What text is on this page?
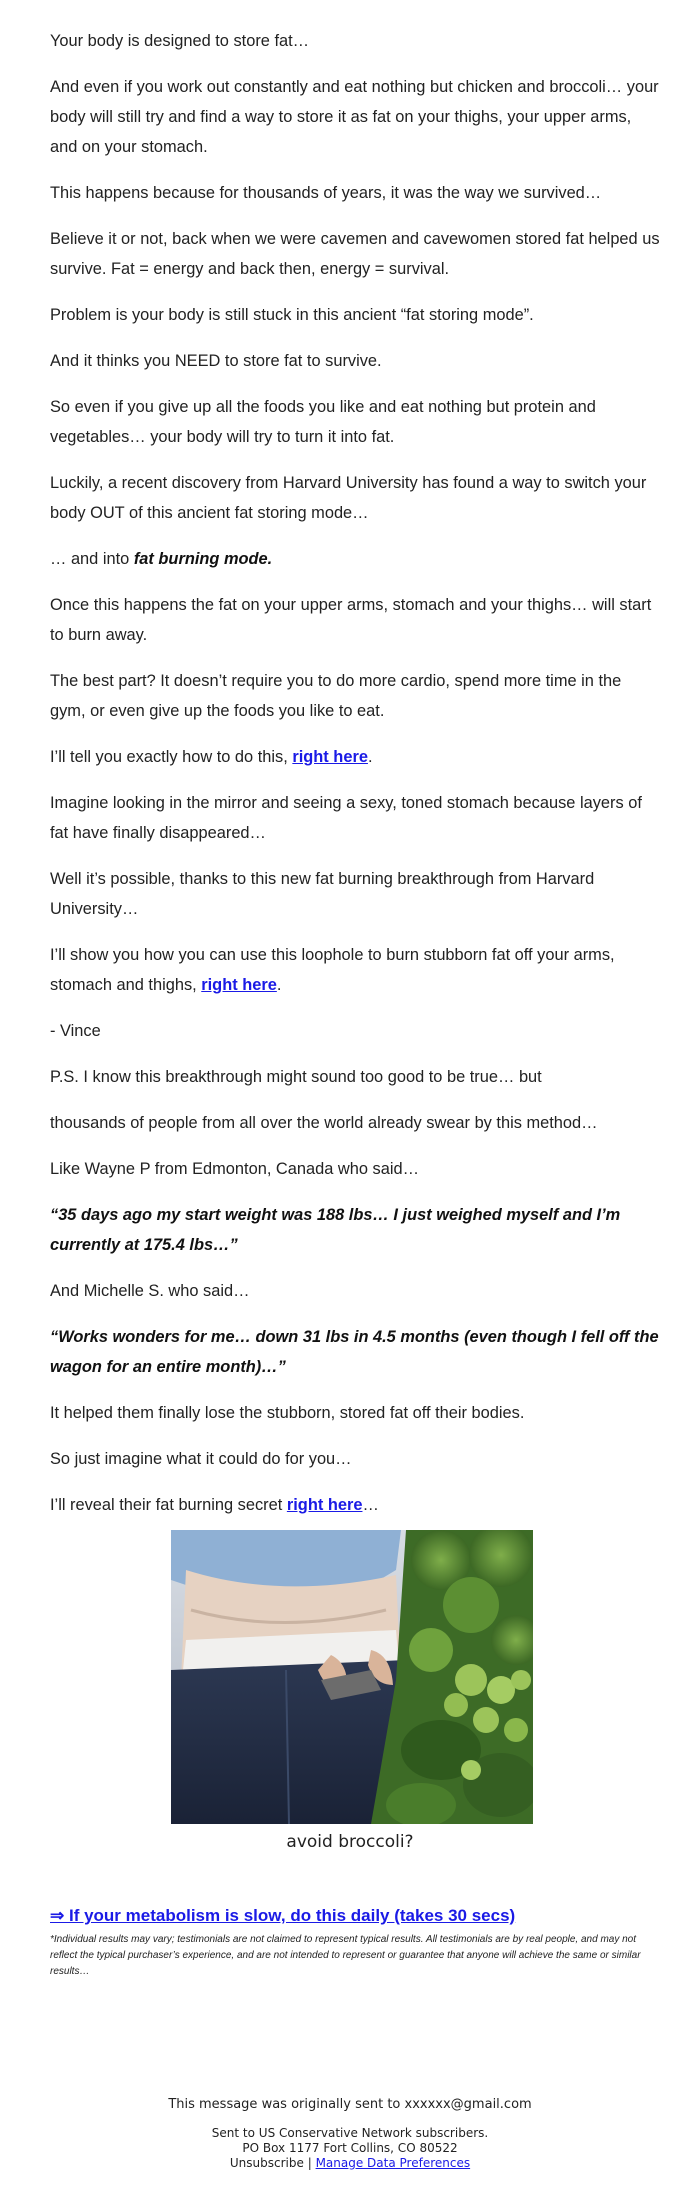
Your body is designed to store fat…

And even if you work out constantly and eat nothing but chicken and broccoli… your body will still try and find a way to store it as fat on your thighs, your upper arms, and on your stomach.

This happens because for thousands of years, it was the way we survived…

Believe it or not, back when we were cavemen and cavewomen stored fat helped us survive. Fat = energy and back then, energy = survival.

Problem is your body is still stuck in this ancient “fat storing mode”.

And it thinks you NEED to store fat to survive.

So even if you give up all the foods you like and eat nothing but protein and vegetables… your body will try to turn it into fat.

Luckily, a recent discovery from Harvard University has found a way to switch your body OUT of this ancient fat storing mode…

… and into fat burning mode.

Once this happens the fat on your upper arms, stomach and your thighs… will start to burn away.

The best part? It doesn’t require you to do more cardio, spend more time in the gym, or even give up the foods you like to eat.

I’ll tell you exactly how to do this, right here.

Imagine looking in the mirror and seeing a sexy, toned stomach because layers of fat have finally disappeared…

Well it’s possible, thanks to this new fat burning breakthrough from Harvard University…

I’ll show you how you can use this loophole to burn stubborn fat off your arms, stomach and thighs, right here.

- Vince

P.S. I know this breakthrough might sound too good to be true… but

thousands of people from all over the world already swear by this method…

Like Wayne P from Edmonton, Canada who said…

“35 days ago my start weight was 188 lbs… I just weighed myself and I’m currently at 175.4 lbs…”

And Michelle S. who said…

“Works wonders for me… down 31 lbs in 4.5 months (even though I fell off the wagon for an entire month)…”

It helped them finally lose the stubborn, stored fat off their bodies.

So just imagine what it could do for you…

I’ll reveal their fat burning secret right here…

avoid broccoli?
⇒ If your metabolism is slow, do this daily (takes 30 secs)
*Individual results may vary; testimonials are not claimed to represent typical results. All testimonials are by real people, and may not reflect the typical purchaser’s experience, and are not intended to represent or guarantee that anyone will achieve the same or similar results…
This message was originally sent to xxxxxx@gmail.com
Sent to US Conservative Network subscribers.
PO Box 1177 Fort Collins, CO 80522
Unsubscribe | Manage Data Preferences
